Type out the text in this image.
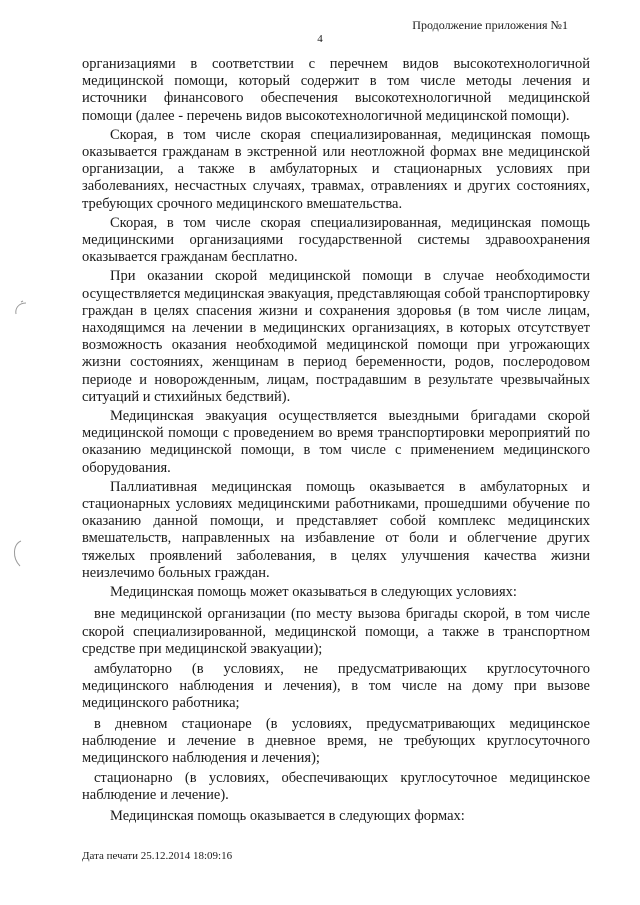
Продолжение приложения №1
4

организациями в соответствии с перечнем видов высокотехнологичной медицинской помощи, который содержит в том числе методы лечения и источники финансового обеспечения высокотехнологичной медицинской помощи (далее - перечень видов высокотехнологичной медицинской помощи).

Скорая, в том числе скорая специализированная, медицинская помощь оказывается гражданам в экстренной или неотложной формах вне медицинской организации, а также в амбулаторных и стационарных условиях при заболеваниях, несчастных случаях, травмах, отравлениях и других состояниях, требующих срочного медицинского вмешательства.

Скорая, в том числе скорая специализированная, медицинская помощь медицинскими организациями государственной системы здравоохранения оказывается гражданам бесплатно.

При оказании скорой медицинской помощи в случае необходимости осуществляется медицинская эвакуация, представляющая собой транспортировку граждан в целях спасения жизни и сохранения здоровья (в том числе лицам, находящимся на лечении в медицинских организациях, в которых отсутствует возможность оказания необходимой медицинской помощи при угрожающих жизни состояниях, женщинам в период беременности, родов, послеродовом периоде и новорожденным, лицам, пострадавшим в результате чрезвычайных ситуаций и стихийных бедствий).

Медицинская эвакуация осуществляется выездными бригадами скорой медицинской помощи с проведением во время транспортировки мероприятий по оказанию медицинской помощи, в том числе с применением медицинского оборудования.

Паллиативная медицинская помощь оказывается в амбулаторных и стационарных условиях медицинскими работниками, прошедшими обучение по оказанию данной помощи, и представляет собой комплекс медицинских вмешательств, направленных на избавление от боли и облегчение других тяжелых проявлений заболевания, в целях улучшения качества жизни неизлечимо больных граждан.

Медицинская помощь может оказываться в следующих условиях:

вне медицинской организации (по месту вызова бригады скорой, в том числе скорой специализированной, медицинской помощи, а также в транспортном средстве при медицинской эвакуации);

амбулаторно (в условиях, не предусматривающих круглосуточного медицинского наблюдения и лечения), в том числе на дому при вызове медицинского работника;

в дневном стационаре (в условиях, предусматривающих медицинское наблюдение и лечение в дневное время, не требующих круглосуточного медицинского наблюдения и лечения);

стационарно (в условиях, обеспечивающих круглосуточное медицинское наблюдение и лечение).

Медицинская помощь оказывается в следующих формах:

Дата печати 25.12.2014 18:09:16
